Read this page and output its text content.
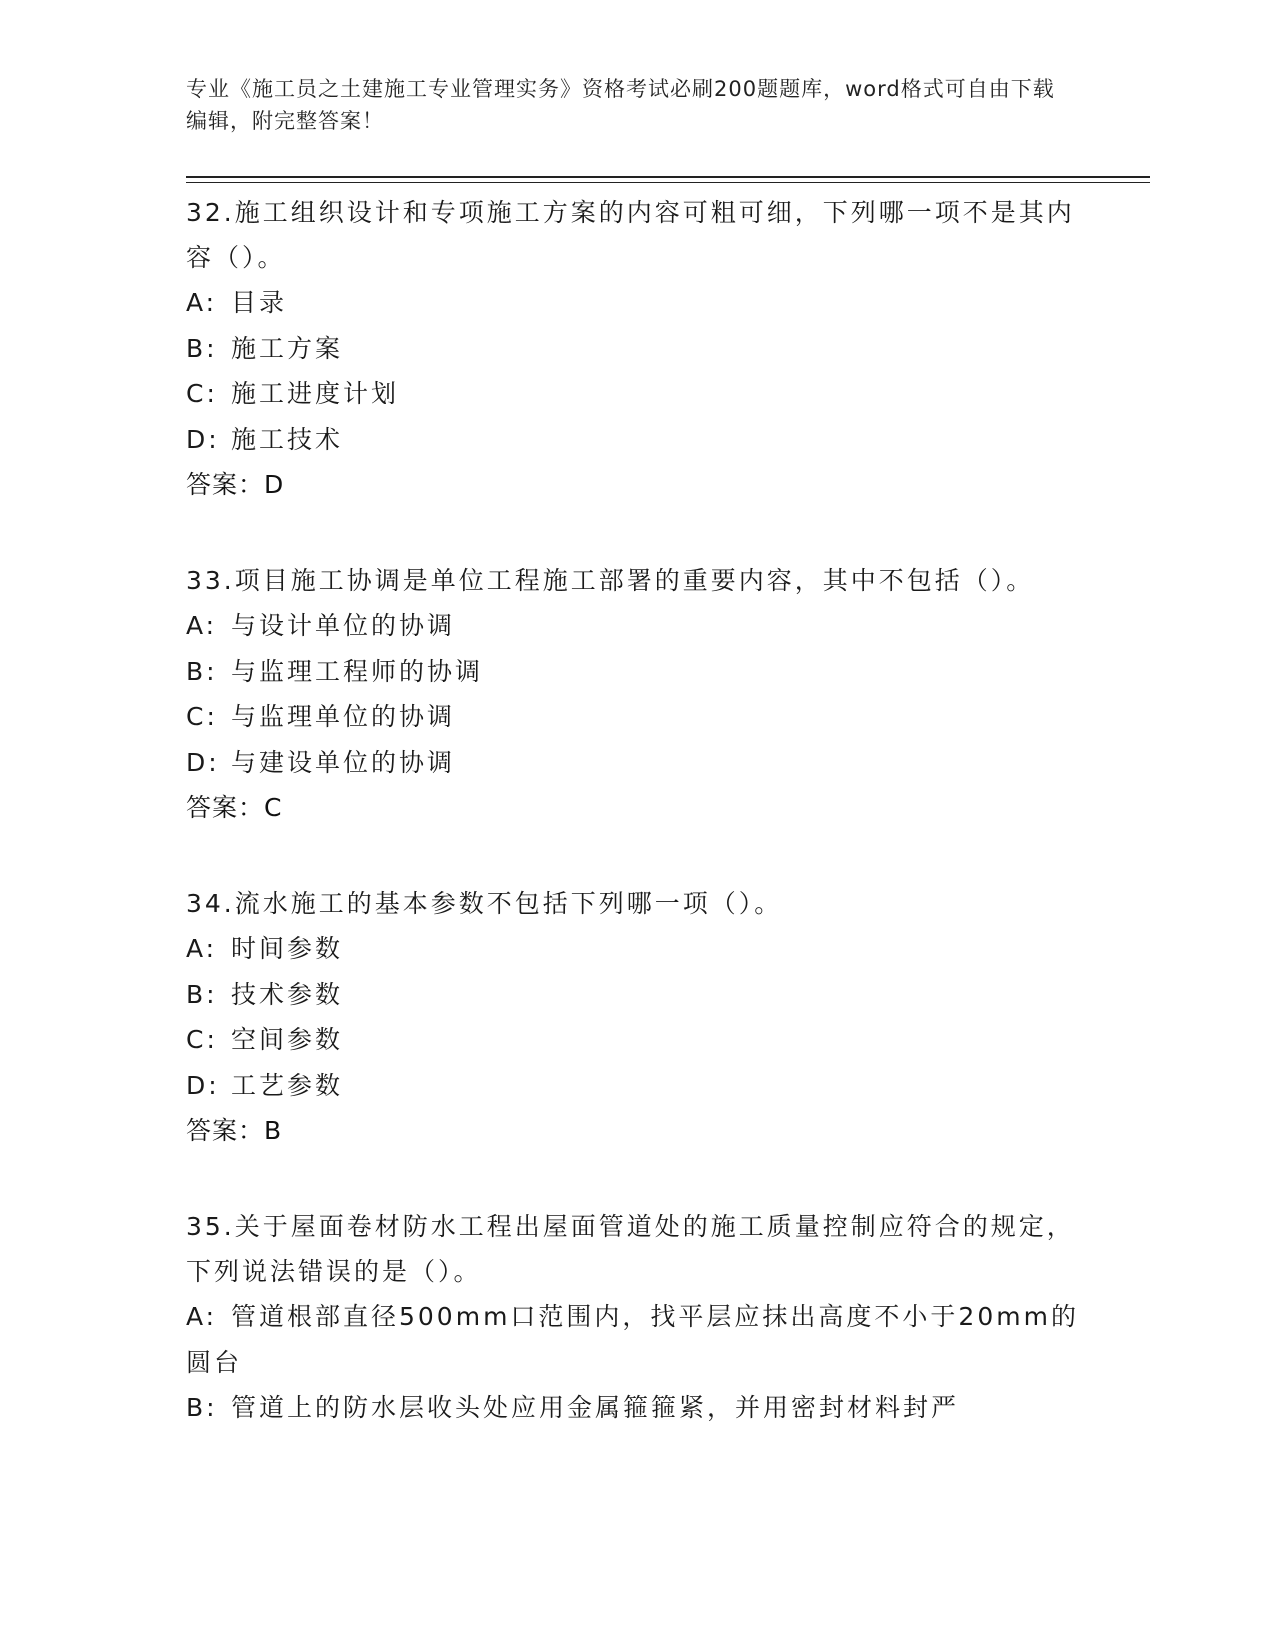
专业《施工员之土建施工专业管理实务》资格考试必刷200题题库，word格式可自由下载编辑，附完整答案！
32.施工组织设计和专项施工方案的内容可粗可细，下列哪一项不是其内容（）。
A: 目录
B: 施工方案
C: 施工进度计划
D: 施工技术
答案：D
33.项目施工协调是单位工程施工部署的重要内容，其中不包括（）。
A: 与设计单位的协调
B: 与监理工程师的协调
C: 与监理单位的协调
D: 与建设单位的协调
答案：C
34.流水施工的基本参数不包括下列哪一项（）。
A: 时间参数
B: 技术参数
C: 空间参数
D: 工艺参数
答案：B
35.关于屋面卷材防水工程出屋面管道处的施工质量控制应符合的规定，下列说法错误的是（）。
A: 管道根部直径500mm口范围内，找平层应抹出高度不小于20mm的圆台
B: 管道上的防水层收头处应用金属箍箍紧，并用密封材料封严
